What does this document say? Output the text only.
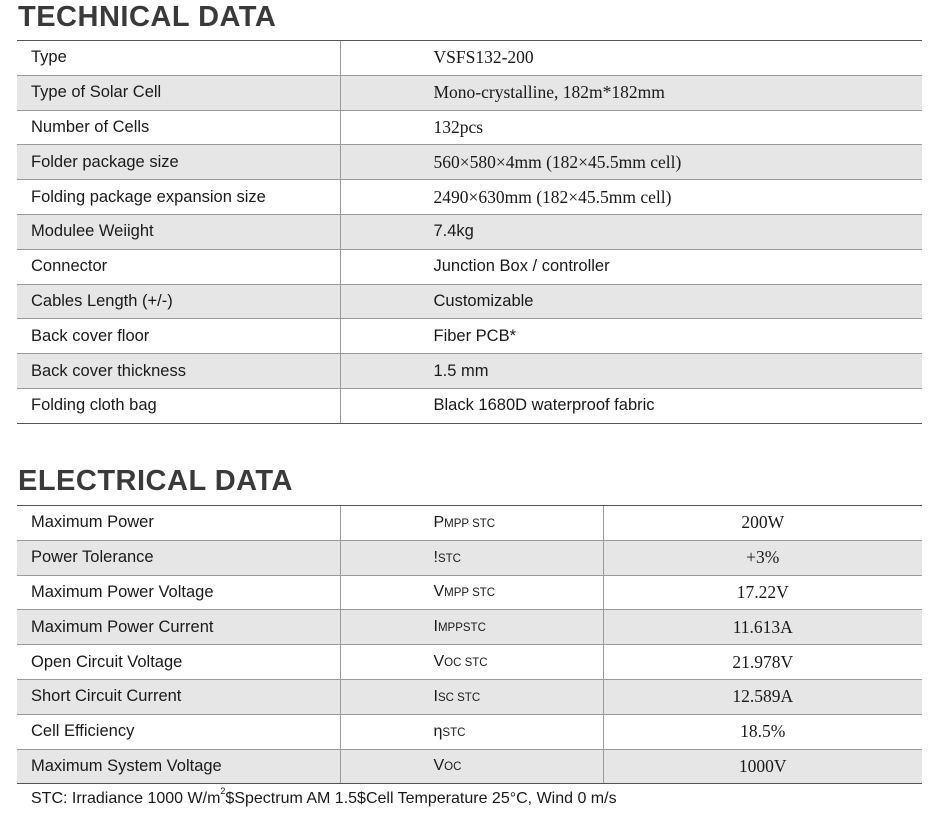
TECHNICAL DATA
Type	VSFS132-200
Type of Solar Cell	Mono-crystalline, 182m*182mm
Number of Cells	132pcs
Folder package size	560×580×4mm (182×45.5mm cell)
Folding package expansion size	2490×630mm (182×45.5mm cell)
Modulee Weiight	7.4kg
Connector	Junction Box / controller
Cables Length (+/-)	Customizable
Back cover floor	Fiber PCB*
Back cover thickness	1.5 mm
Folding cloth bag	Black 1680D waterproof fabric
ELECTRICAL DATA
Maximum Power	PMPP STC	200W
Power Tolerance	!STC	+3%
Maximum Power Voltage	VMPP STC	17.22V
Maximum Power Current	IMPPSTC	11.613A
Open Circuit Voltage	VOC STC	21.978V
Short Circuit Current	ISC STC	12.589A
Cell Efficiency	ηSTC	18.5%
Maximum System Voltage	VOC	1000V
STC: Irradiance 1000 $W/m^2\$Spectrum$ AM 1.5$Cell Temperature 25°C, Wind 0 m/s
